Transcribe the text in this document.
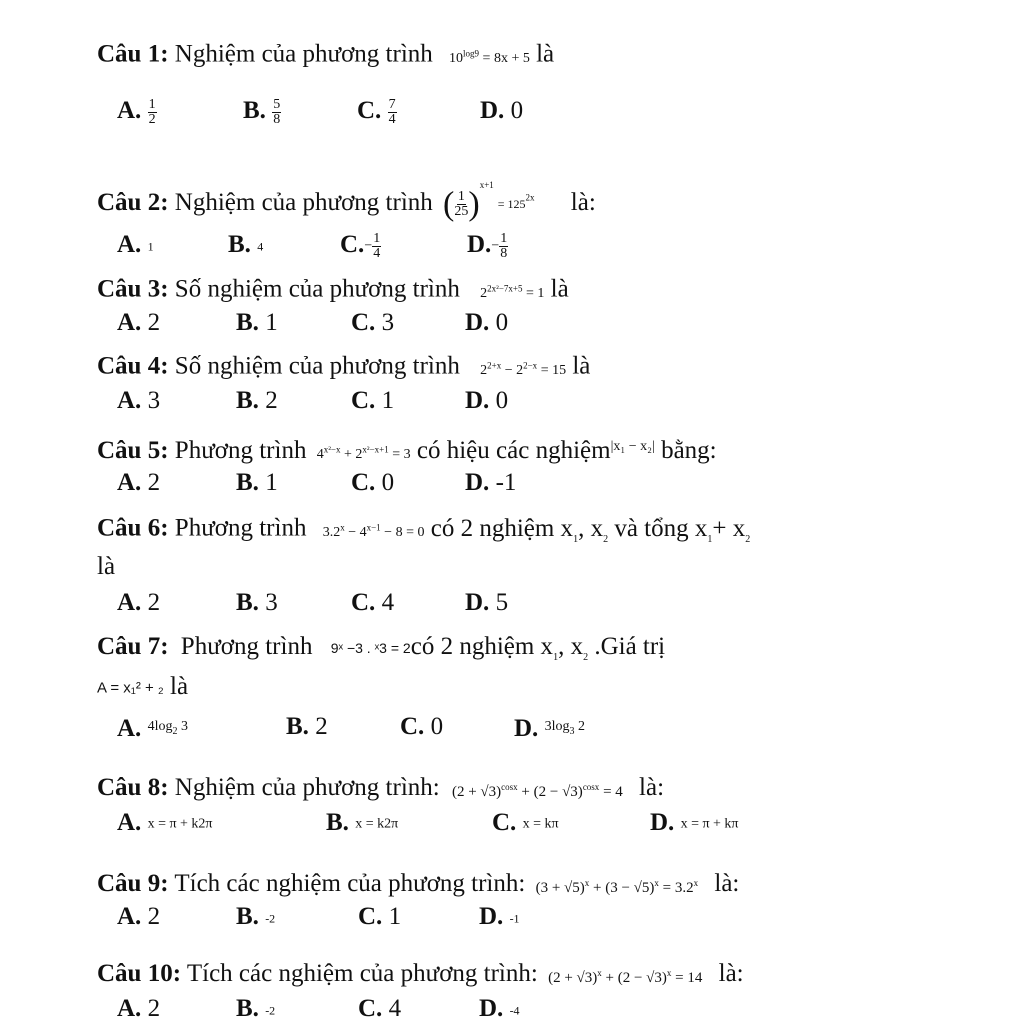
Câu 1: Nghiệm của phương trình $10^{log9} = 8x + 5$ là
A. $\frac{1}{2}$	B. $\frac{5}{8}$	C. $\frac{7}{4}$	D. 0
Câu 2: Nghiệm của phương trình ( $\frac{1}{25} )^{x+1}= 125^{2x}$ là:
A. 1	B. 4	$C.- \frac{1}{4}$	$D.- \frac{1}{8}$
Câu 3: Số nghiệm của phương trình $2^{2x^2-7x+5} = 1$ là
A. 2	B. 1	C. 3	D. 0
Câu 4: Số nghiệm của phương trình $2^{2+x} - 2^{2-x} = 15$ là
A. 3	B. 2	C. 1	D. 0
Câu 5: Phương trình $4^{x^2-x} + 2^{x^2-x+1} = 3$ có hiệu các nghiệm$^{|x_1 - x_2|}$ bằng:
A. 2	B. 1	C. 0	D. -1
Câu 6: Phương trình $3.2^x - 4^{x-1} - 8 = 0$ có 2 nghiệm $x_1$, $x_2$ và tổng $x_1+ x_2$
là
A. 2	B. 3	C. 4	D. 5
Câu 7: Phương trình 9ˣ −3 . ˣ3 = 2có 2 nghiệm $x_1$, $x_2$ .Giá trị
A = x₁² + ₂ là
A. $^{4log_2 3}$	B. 2	C. 0	D. $^{3log_3 2}$
Câu 8: Nghiệm của phương trình: $(2 + √3)^{cosx} + (2 - √3)^{cosx} = 4$ là:
A. x = π + k2π	B. x = k2π	C. x = kπ	D. x = π + kπ
Câu 9: Tích các nghiệm của phương trình: $(3 + √5)^x + (3 - √5)^x = 3.2^x$ là:
A. 2	B. -2	C. 1	D. -1
Câu 10: Tích các nghiệm của phương trình: $(2 + √3)^x + (2 - √3)^x = 14$ là:
A. 2	B. -2	C. 4	D. -4
